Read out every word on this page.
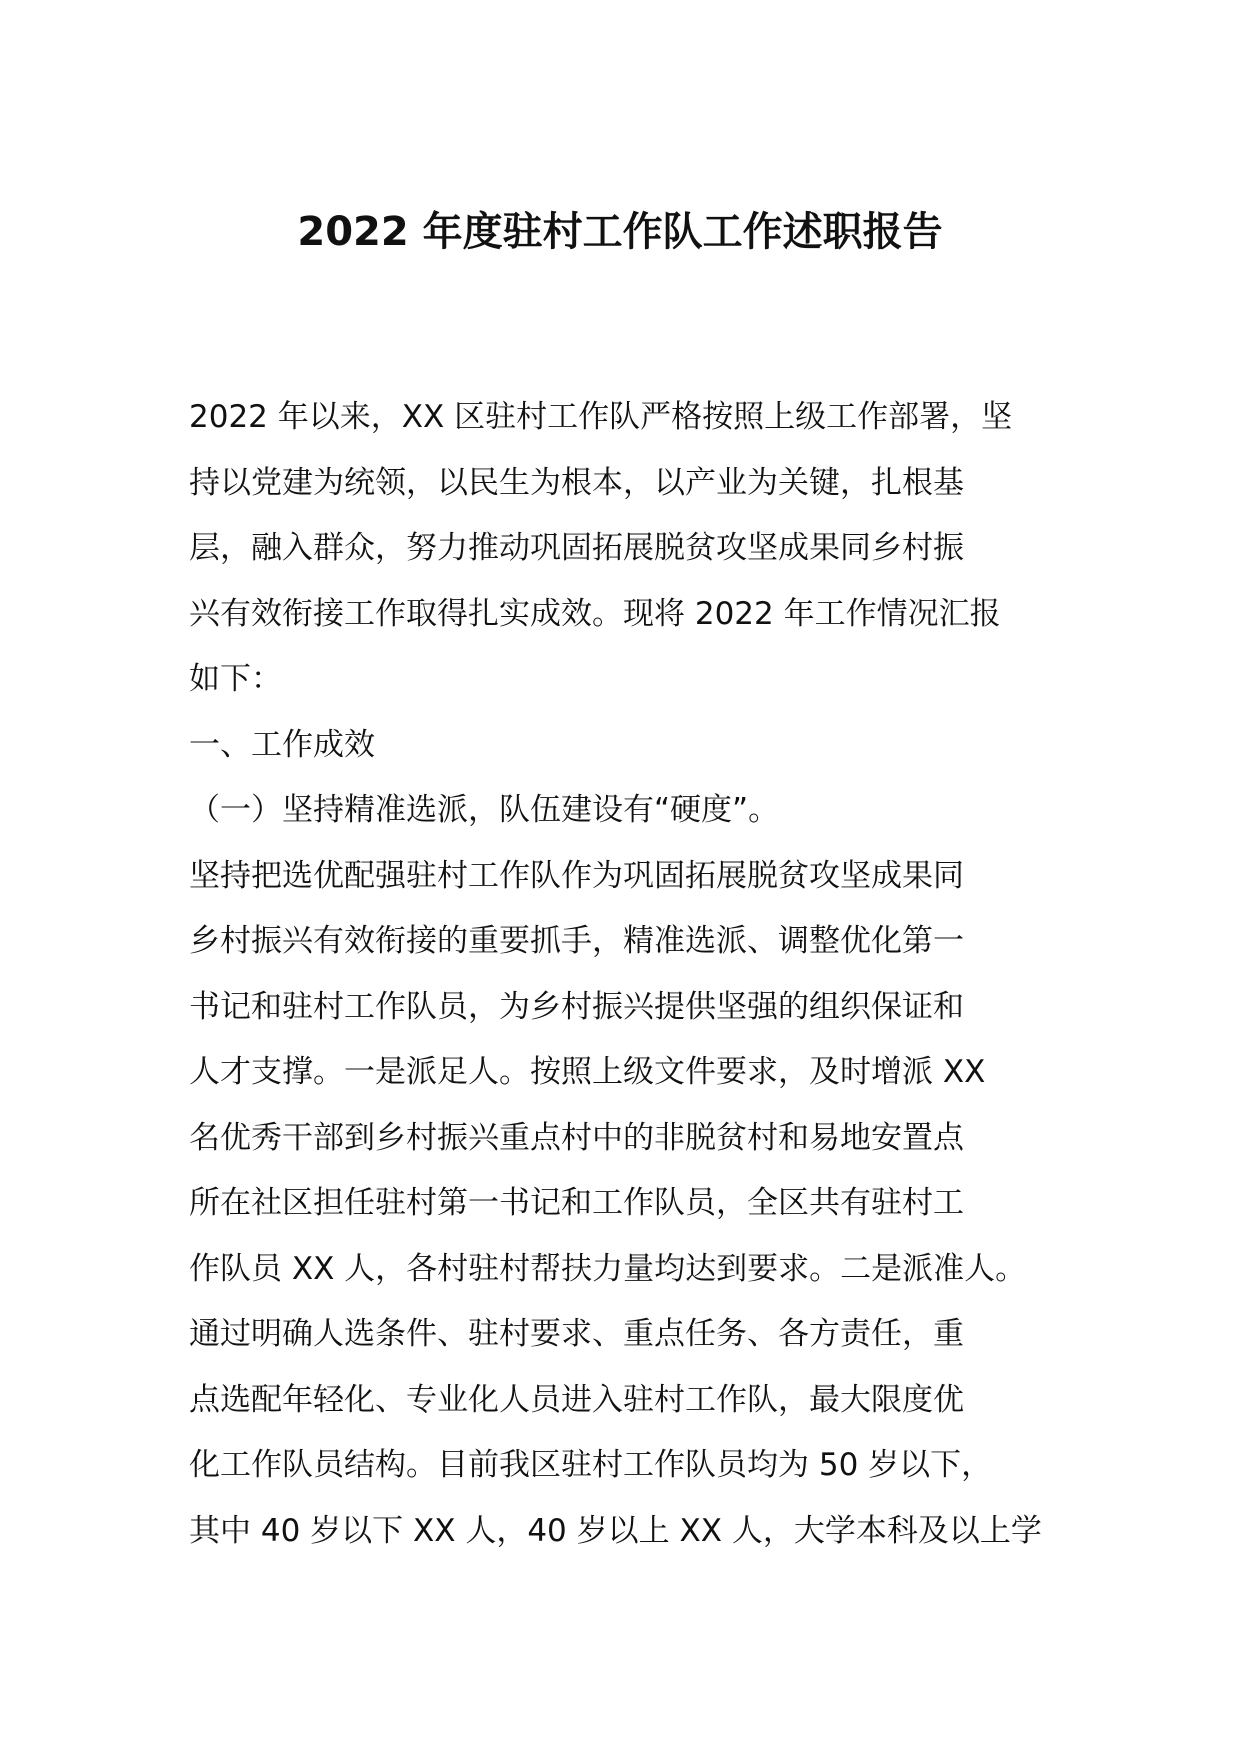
2022 年度驻村工作队工作述职报告
2022 年以来，XX 区驻村工作队严格按照上级工作部署，坚
持以党建为统领，以民生为根本，以产业为关键，扎根基
层，融入群众，努力推动巩固拓展脱贫攻坚成果同乡村振
兴有效衔接工作取得扎实成效。现将 2022 年工作情况汇报
如下：
一、工作成效
（一）坚持精准选派，队伍建设有“硬度”。
坚持把选优配强驻村工作队作为巩固拓展脱贫攻坚成果同
乡村振兴有效衔接的重要抓手，精准选派、调整优化第一
书记和驻村工作队员，为乡村振兴提供坚强的组织保证和
人才支撑。一是派足人。按照上级文件要求，及时增派 XX
名优秀干部到乡村振兴重点村中的非脱贫村和易地安置点
所在社区担任驻村第一书记和工作队员，全区共有驻村工
作队员 XX 人，各村驻村帮扶力量均达到要求。二是派准人。
通过明确人选条件、驻村要求、重点任务、各方责任，重
点选配年轻化、专业化人员进入驻村工作队，最大限度优
化工作队员结构。目前我区驻村工作队员均为 50 岁以下，
其中 40 岁以下 XX 人，40 岁以上 XX 人，大学本科及以上学
